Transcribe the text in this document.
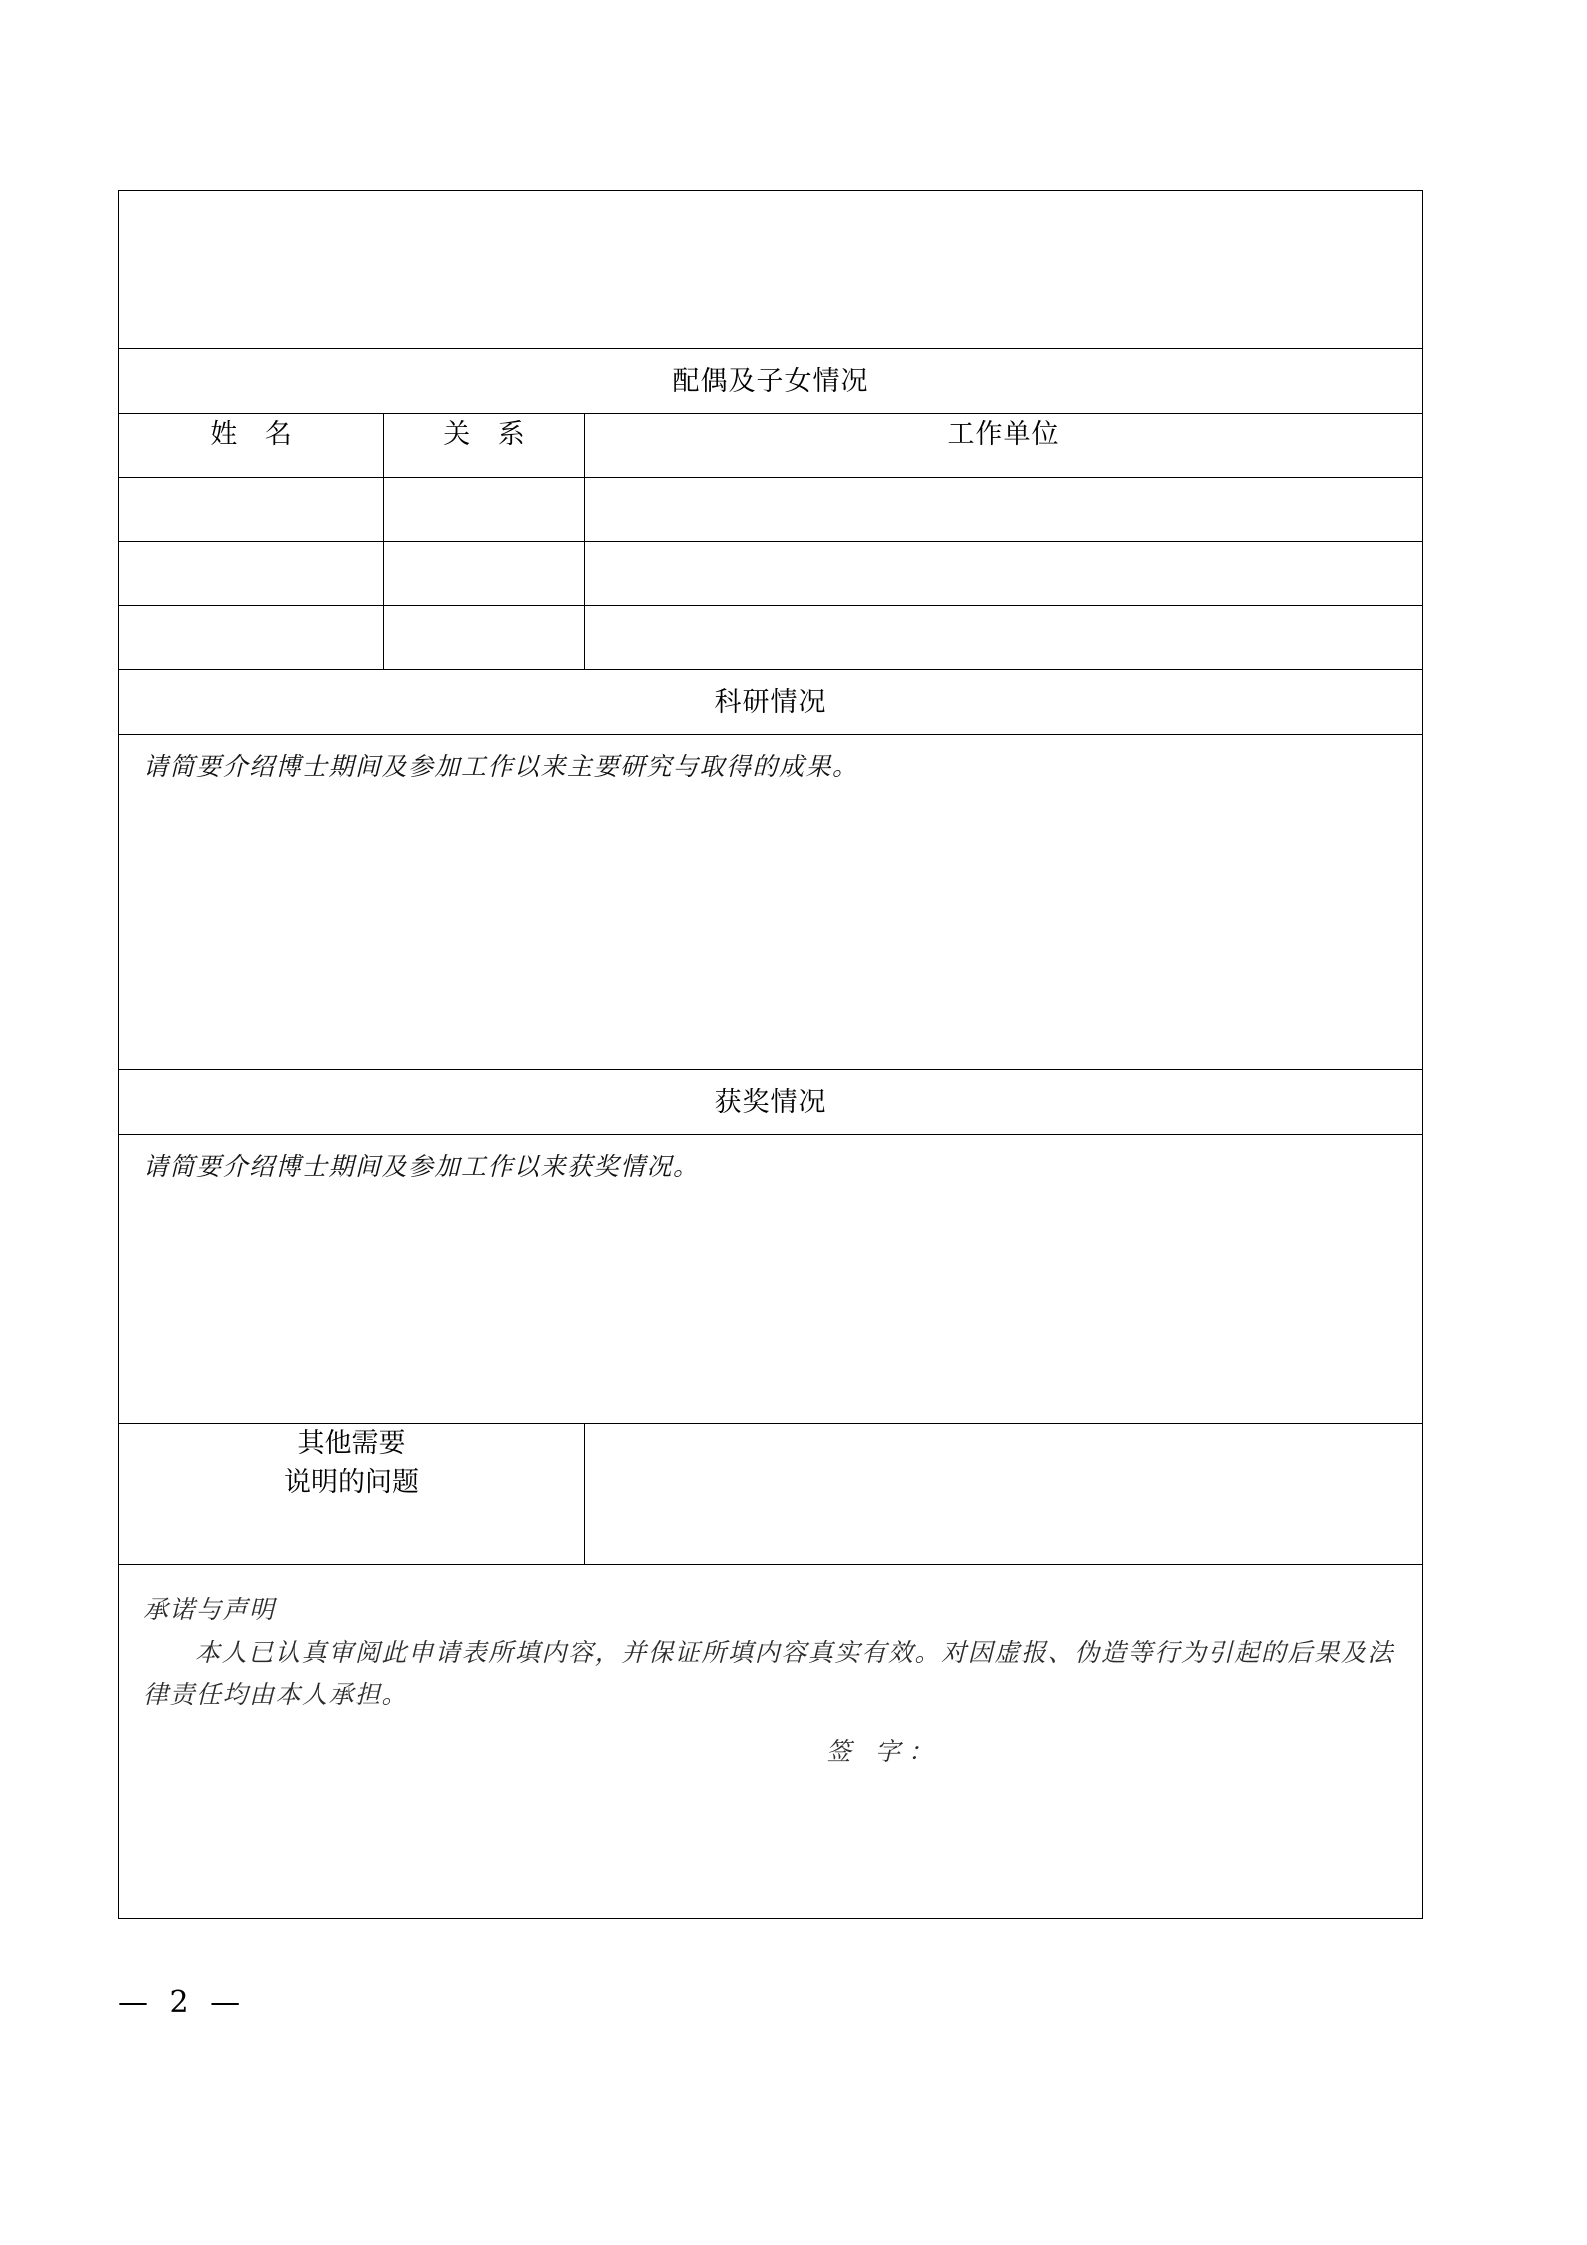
配偶及子女情况		

姓 名	关 系	工作单位

科研情况		

请简要介绍博士期间及参加工作以来主要研究与取得的成果。		

获奖情况		

请简要介绍博士期间及参加工作以来获奖情况。		

其他需要
说明的问题		

承诺与声明
本人已认真审阅此申请表所填内容，并保证所填内容真实有效。对因虚报、伪造等行为引起的后果及法律责任均由本人承担。
签 字：		
— 2 —
